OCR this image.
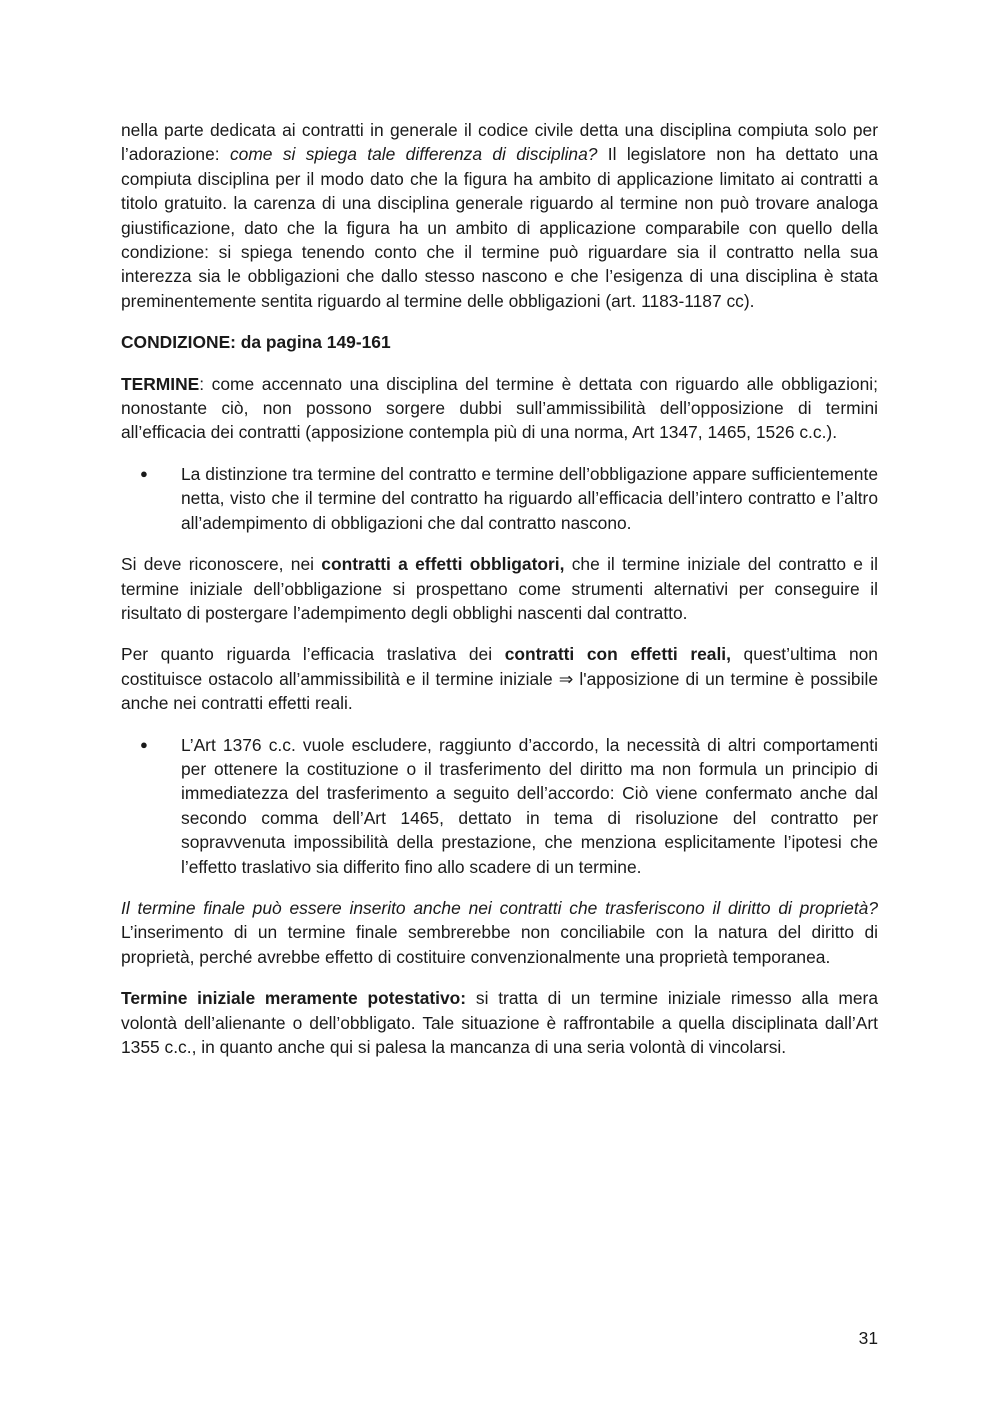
nella parte dedicata ai contratti in generale il codice civile detta una disciplina compiuta solo per l’adorazione: come si spiega tale differenza di disciplina? Il legislatore non ha dettato una compiuta disciplina per il modo dato che la figura ha ambito di applicazione limitato ai contratti a titolo gratuito. la carenza di una disciplina generale riguardo al termine non può trovare analoga giustificazione, dato che la figura ha un ambito di applicazione comparabile con quello della condizione: si spiega tenendo conto che il termine può riguardare sia il contratto nella sua interezza sia le obbligazioni che dallo stesso nascono e che l’esigenza di una disciplina è stata preminentemente sentita riguardo al termine delle obbligazioni (art. 1183-1187 cc).

CONDIZIONE: da pagina 149-161

TERMINE: come accennato una disciplina del termine è dettata con riguardo alle obbligazioni; nonostante ciò, non possono sorgere dubbi sull’ammissibilità dell’opposizione di termini all’efficacia dei contratti (apposizione contempla più di una norma, Art 1347, 1465, 1526 c.c.).

● La distinzione tra termine del contratto e termine dell’obbligazione appare sufficientemente netta, visto che il termine del contratto ha riguardo all’efficacia dell’intero contratto e l’altro all’adempimento di obbligazioni che dal contratto nascono.

Si deve riconoscere, nei contratti a effetti obbligatori, che il termine iniziale del contratto e il termine iniziale dell’obbligazione si prospettano come strumenti alternativi per conseguire il risultato di postergare l’adempimento degli obblighi nascenti dal contratto.

Per quanto riguarda l’efficacia traslativa dei contratti con effetti reali, quest’ultima non costituisce ostacolo all’ammissibilità e il termine iniziale ⇒ l'apposizione di un termine è possibile anche nei contratti effetti reali.

● L’Art 1376 c.c. vuole escludere, raggiunto d’accordo, la necessità di altri comportamenti per ottenere la costituzione o il trasferimento del diritto ma non formula un principio di immediatezza del trasferimento a seguito dell’accordo: Ciò viene confermato anche dal secondo comma dell’Art 1465, dettato in tema di risoluzione del contratto per sopravvenuta impossibilità della prestazione, che menziona esplicitamente l’ipotesi che l’effetto traslativo sia differito fino allo scadere di un termine.

Il termine finale può essere inserito anche nei contratti che trasferiscono il diritto di proprietà? L’inserimento di un termine finale sembrerebbe non conciliabile con la natura del diritto di proprietà, perché avrebbe effetto di costituire convenzionalmente una proprietà temporanea.

Termine iniziale meramente potestativo: si tratta di un termine iniziale rimesso alla mera volontà dell’alienante o dell’obbligato. Tale situazione è raffrontabile a quella disciplinata dall’Art 1355 c.c., in quanto anche qui si palesa la mancanza di una seria volontà di vincolarsi.

31
